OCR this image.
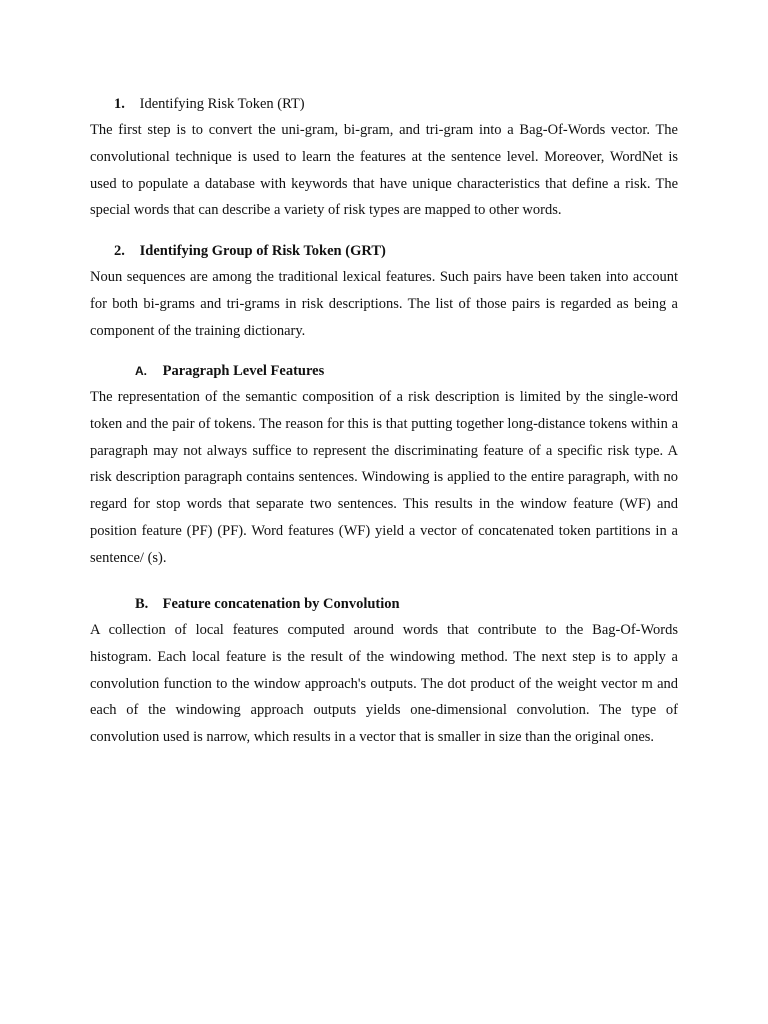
1. Identifying Risk Token (RT)
The first step is to convert the uni-gram, bi-gram, and tri-gram into a Bag-Of-Words vector. The convolutional technique is used to learn the features at the sentence level. Moreover, WordNet is used to populate a database with keywords that have unique characteristics that define a risk. The special words that can describe a variety of risk types are mapped to other words.
2. Identifying Group of Risk Token (GRT)
Noun sequences are among the traditional lexical features. Such pairs have been taken into account for both bi-grams and tri-grams in risk descriptions. The list of those pairs is regarded as being a component of the training dictionary.
A. Paragraph Level Features
The representation of the semantic composition of a risk description is limited by the single-word token and the pair of tokens. The reason for this is that putting together long-distance tokens within a paragraph may not always suffice to represent the discriminating feature of a specific risk type. A risk description paragraph contains sentences. Windowing is applied to the entire paragraph, with no regard for stop words that separate two sentences. This results in the window feature (WF) and position feature (PF) (PF). Word features (WF) yield a vector of concatenated token partitions in a sentence/ (s).
B. Feature concatenation by Convolution
A collection of local features computed around words that contribute to the Bag-Of-Words histogram. Each local feature is the result of the windowing method. The next step is to apply a convolution function to the window approach's outputs. The dot product of the weight vector m and each of the windowing approach outputs yields one-dimensional convolution. The type of convolution used is narrow, which results in a vector that is smaller in size than the original ones.
